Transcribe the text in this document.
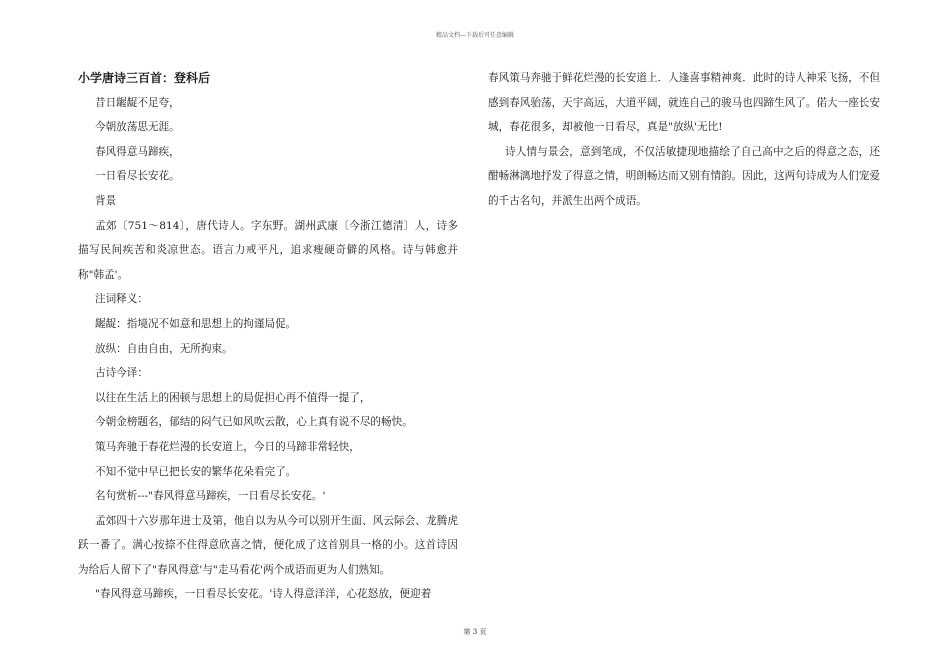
精品文档---下载后可任意编辑
小学唐诗三百首：登科后

昔日龌龊不足夸，

今朝放荡思无涯。

春风得意马蹄疾，

一日看尽长安花。

背景

孟郊〔751～814〕，唐代诗人。字东野。湖州武康〔今浙江德清〕人，诗多描写民间疾苦和炎凉世态。语言力戒平凡，追求瘦硬奇僻的风格。诗与韩愈并称"韩孟'。

注词释义：

龌龊：指境况不如意和思想上的拘谨局促。

放纵：自由自由，无所拘束。

古诗今译：

以往在生活上的困顿与思想上的局促担心再不值得一提了，

今朝金榜题名，郁结的闷气已如风吹云散，心上真有说不尽的畅快。

策马奔驰于春花烂漫的长安道上，今日的马蹄非常轻快，

不知不觉中早已把长安的繁华花朵看完了。

名句赏析---"春风得意马蹄疾，一日看尽长安花。'

孟郊四十六岁那年进士及第，他自以为从今可以别开生面、风云际会、龙腾虎跃一番了。满心按捺不住得意欣喜之情，便化成了这首别具一格的小。这首诗因为给后人留下了"春风得意'与"走马看花'两个成语而更为人们熟知。

"春风得意马蹄疾，一日看尽长安花。'诗人得意洋洋，心花怒放，便迎着

春风策马奔驰于鲜花烂漫的长安道上．人逢喜事精神爽．此时的诗人神采飞扬，不但感到春风骀荡，天宇高远，大道平阔，就连自己的骏马也四蹄生风了。偌大一座长安城，春花很多，却被他一日看尽，真是"放纵'无比!

诗人情与景会，意到笔成，不仅活敏捷现地描绘了自己高中之后的得意之态，还酣畅淋漓地抒发了得意之情，明朗畅达而又别有情韵。因此，这两句诗成为人们宠爱的千古名句，并派生出两个成语。

第 3 页
